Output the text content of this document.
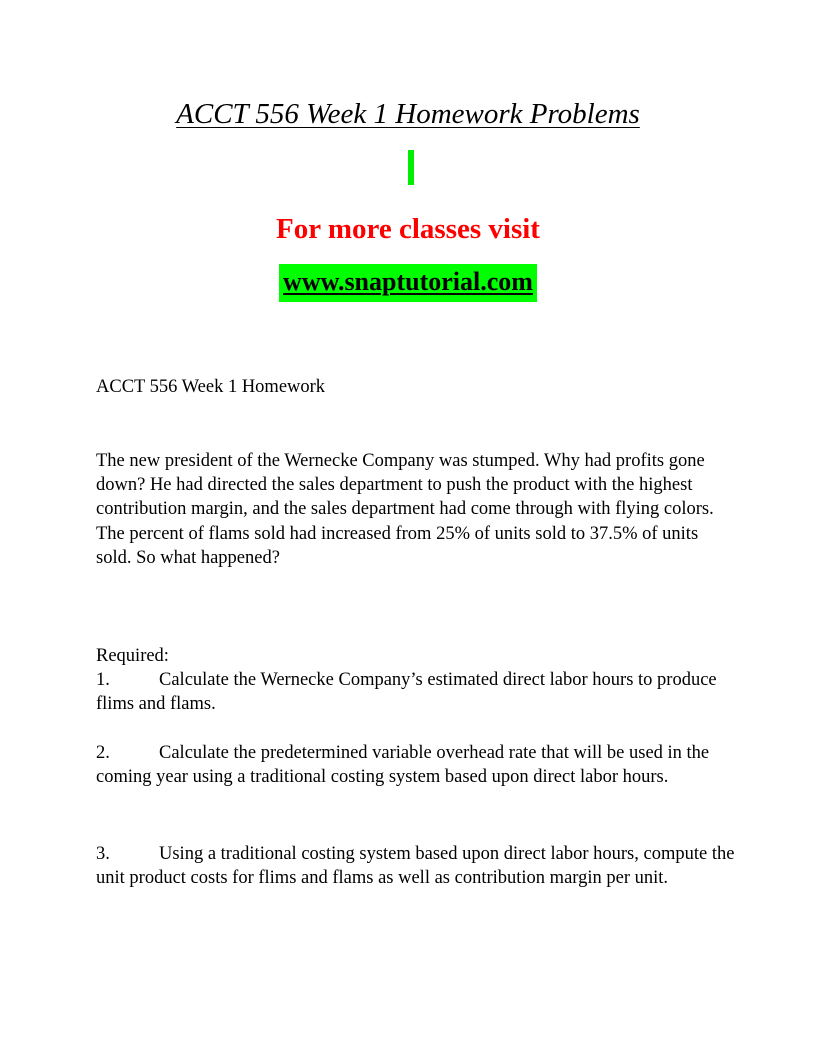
ACCT 556 Week 1 Homework Problems
For more classes visit
www.snaptutorial.com
ACCT 556 Week 1 Homework
The new president of the Wernecke Company was stumped. Why had profits gone down? He had directed the sales department to push the product with the highest contribution margin, and the sales department had come through with flying colors. The percent of flams sold had increased from 25% of units sold to 37.5% of units sold. So what happened?
Required:
1.	Calculate the Wernecke Company’s estimated direct labor hours to produce flims and flams.
2.	Calculate the predetermined variable overhead rate that will be used in the coming year using a traditional costing system based upon direct labor hours.
3.	Using a traditional costing system based upon direct labor hours, compute the unit product costs for flims and flams as well as contribution margin per unit.
